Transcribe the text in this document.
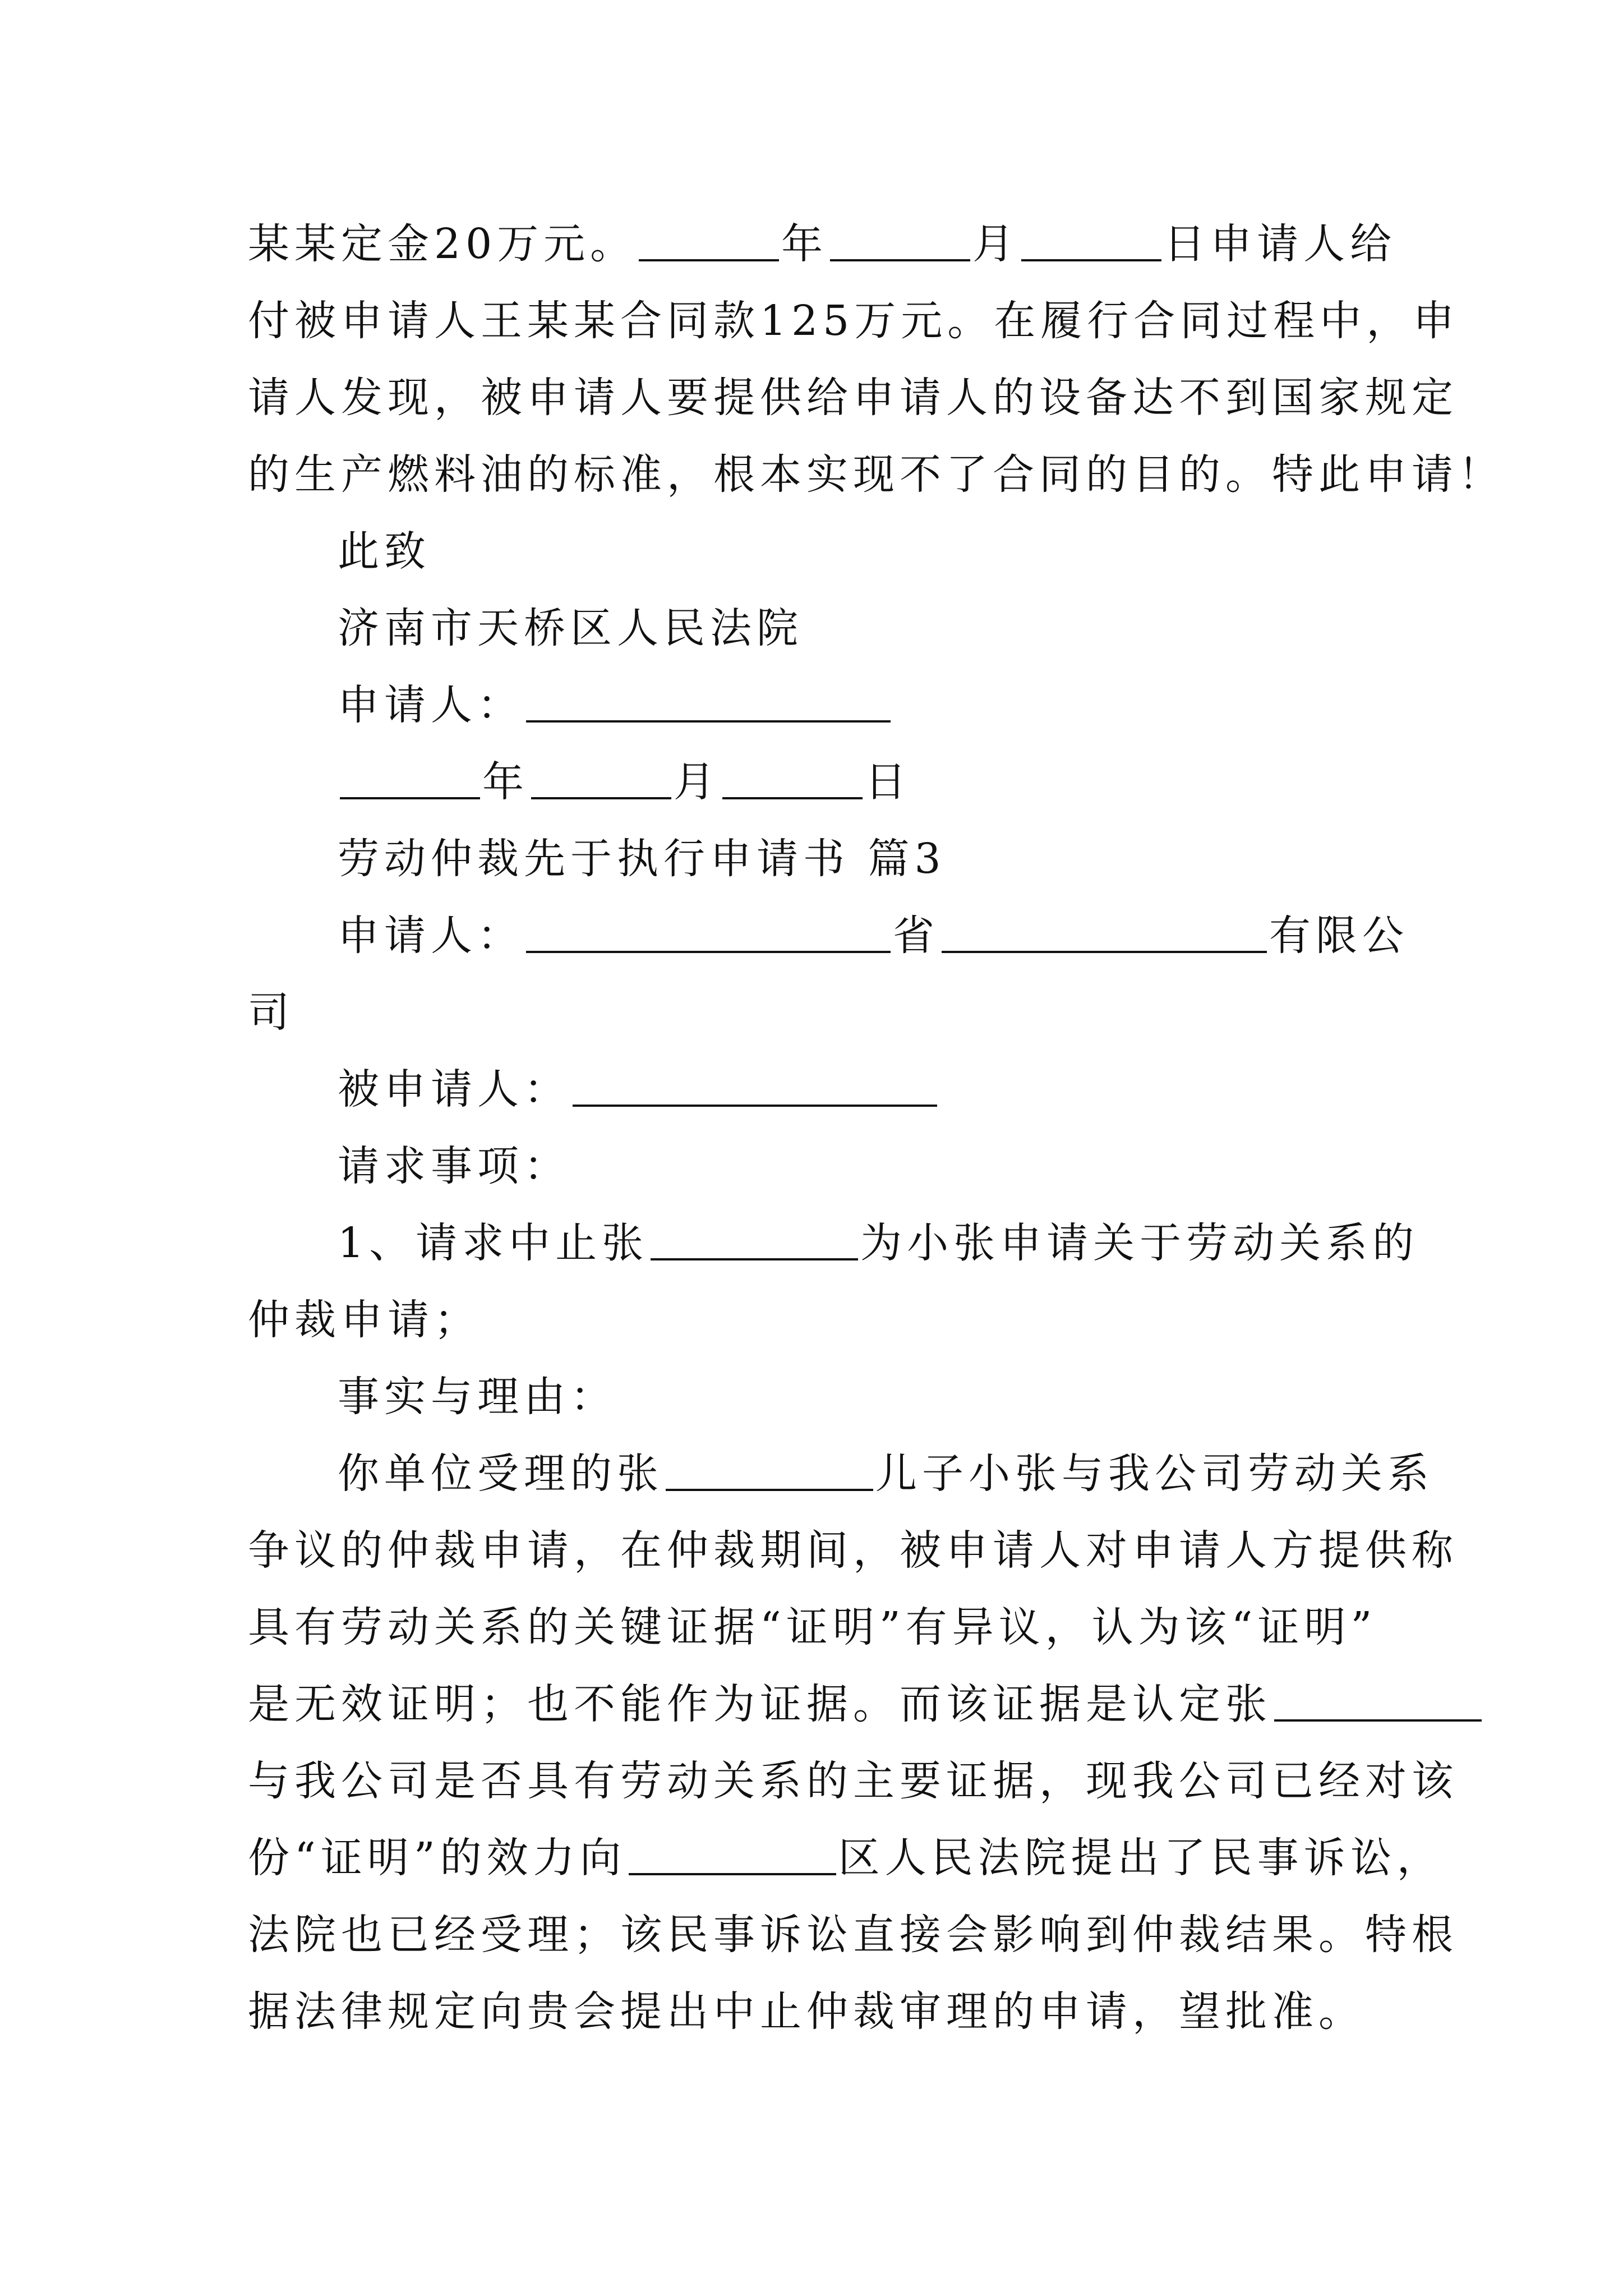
某某定金20万元。	年	月	日申请人给
付被申请人王某某合同款125万元。在履行合同过程中，申
请人发现，被申请人要提供给申请人的设备达不到国家规定
的生产燃料油的标准，根本实现不了合同的目的。特此申请！
此致
济南市天桥区人民法院
申请人：
年	月	日
劳动仲裁先于执行申请书 篇3
申请人：	省	有限公
司
被申请人：
请求事项：
1、请求中止张	为小张申请关于劳动关系的
仲裁申请；
事实与理由：
你单位受理的张	儿子小张与我公司劳动关系
争议的仲裁申请，在仲裁期间，被申请人对申请人方提供称
具有劳动关系的关键证据“证明”有异议，认为该“证明”
是无效证明；也不能作为证据。而该证据是认定张
与我公司是否具有劳动关系的主要证据，现我公司已经对该
份“证明”的效力向	区人民法院提出了民事诉讼，
法院也已经受理；该民事诉讼直接会影响到仲裁结果。特根
据法律规定向贵会提出中止仲裁审理的申请，望批准。
